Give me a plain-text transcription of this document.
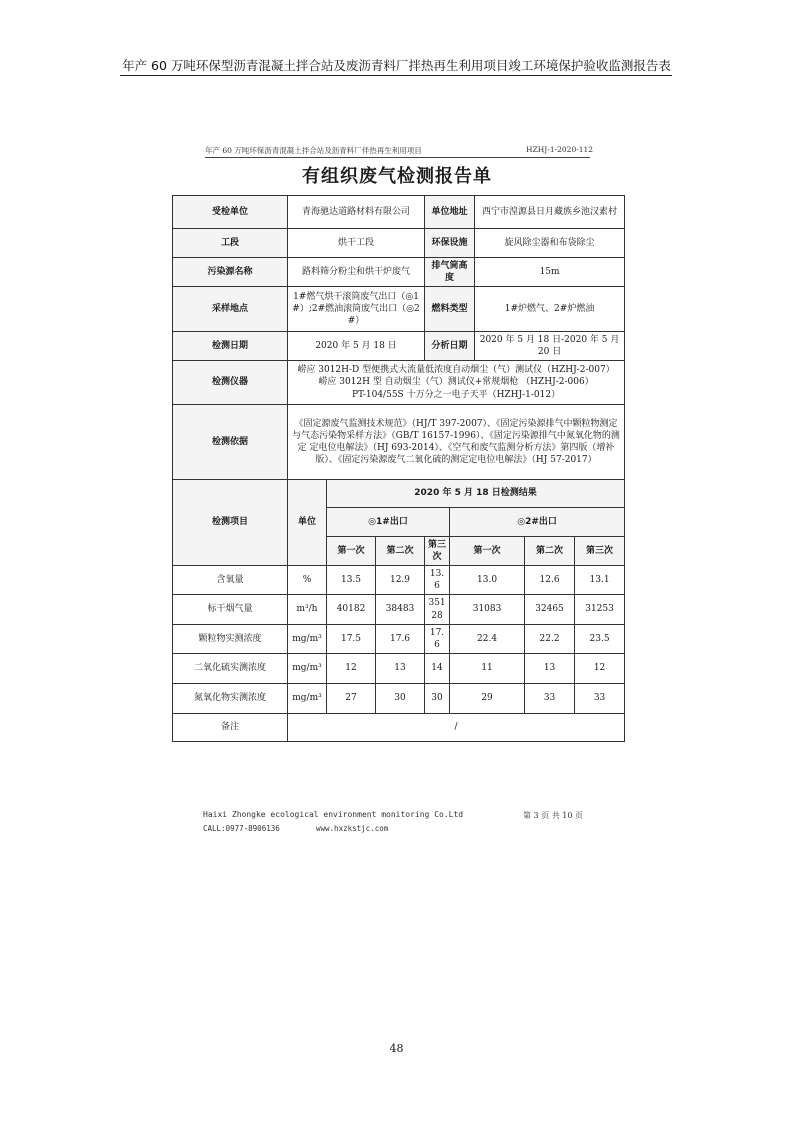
年产 60 万吨环保型沥青混凝土拌合站及废沥青料厂拌热再生利用项目竣工环境保护验收监测报告表
年产 60 万吨环保沥青混凝土拌合站及沥青料厂伴热再生利用项目	HZHJ-1-2020-112
有组织废气检测报告单
受检单位	青海驰达道路材料有限公司			单位地址		西宁市湟源县日月藏族乡池汉素村		
工段	烘干工段			环保设施		旋风除尘器和布袋除尘		
污染源名称	路料筛分粉尘和烘干炉废气			排气筒高度		15m		
采样地点	1#燃气烘干滚筒废气出口（◎1#）;2#燃油滚筒废气出口（◎2#）			燃料类型		1#炉燃气、2#炉燃油		
检测日期	2020 年 5 月 18 日			分析日期		2020 年 5 月 18 日-2020 年 5 月 20 日		
检测仪器	崂应 3012H-D 型便携式大流量低浓度自动烟尘（气）测试仪（HZHJ-2-007）
崂应 3012H 型 自动烟尘（气）测试仪+常规烟枪 （HZHJ-2-006）
PT-104/55S 十万分之一电子天平（HZHJ-1-012）							

检测依据	《固定源废气监测技术规范》（HJ/T 397-2007）、《固定污染源排气中颗粒物测定与气态污染物采样方法》（GB/T 16157-1996）、《固定污染源排气中氮氧化物的测定 定电位电解法》（HJ 693-2014）、《空气和废气监测分析方法》第四版（增补版）、《固定污染源废气二氧化硫的测定定电位电解法》（HJ 57-2017）							
检测项目	单位	2020 年 5 月 18 日检测结果						
		◎1#出口			◎2#出口			
		第一次	第二次	第三次	第一次		第二次	第三次
含氧量	%	13.5	12.9	13.6	13.0		12.6	13.1
标干烟气量	m³/h	40182	38483	35128	31083		32465	31253
颗粒物实测浓度	mg/m³	17.5	17.6	17.6	22.4		22.2	23.5
二氧化硫实测浓度	mg/m³	12	13	14	11		13	12
氮氧化物实测浓度	mg/m³	27	30	30	29		33	33
备注	/							
Haixi Zhongke ecological environment monitoring Co.Ltd	第 3 页 共 10 页
CALL:0977-8906136	www.hxzkstjc.com
48
